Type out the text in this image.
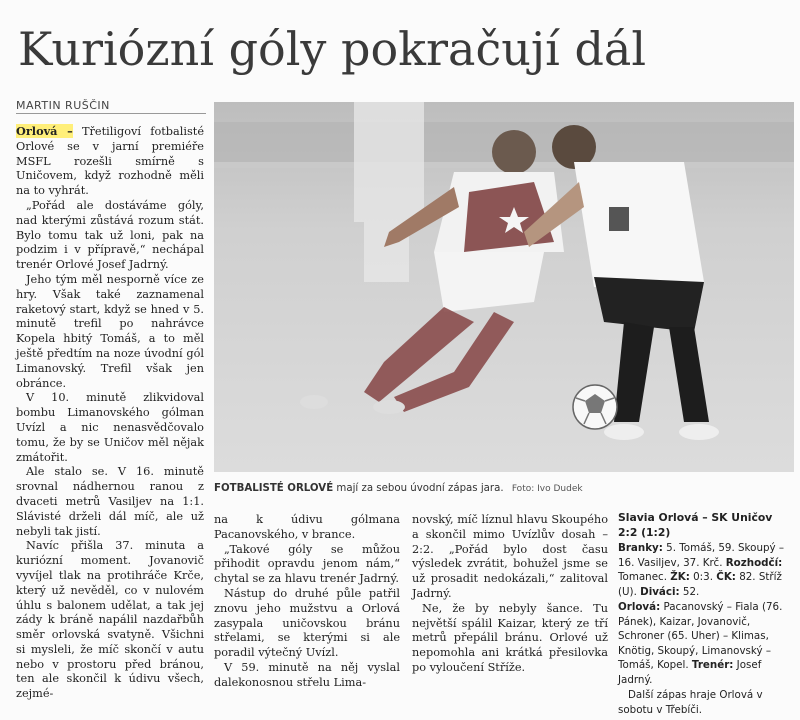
Kuriózní góly pokračují dál
MARTIN RUŠČIN

Orlová – Třetiligoví fotbalisté Orlové se v jarní premiéře MSFL rozešli smírně s Uničovem, když rozhodně měli na to vyhrát.

„Pořád ale dostáváme góly, nad kterými zůstává rozum stát. Bylo tomu tak už loni, pak na podzim i v přípravě,“ nechápal trenér Orlové Josef Jadrný.

Jeho tým měl nesporně více ze hry. Však také zaznamenal raketový start, když se hned v 5. minutě trefil po nahrávce Kopela hbitý Tomáš, a to měl ještě předtím na noze úvodní gól Limanovský. Trefil však jen obránce.

V 10. minutě zlikvidoval bombu Limanovského gólman Uvízl a nic nenasvědčovalo tomu, že by se Uničov měl nějak zmátořit.

Ale stalo se. V 16. minutě srovnal nádhernou ranou z dvaceti metrů Vasiljev na 1:1. Slávisté drželi dál míč, ale už nebyli tak jistí.

Navíc přišla 37. minuta a kuriózní moment. Jovanovič vyvíjel tlak na protihráče Krče, který už nevěděl, co v nulovém úhlu s balonem udělat, a tak jej zády k bráně napálil nazdařbůh směr orlovská svatyně. Všichni si mysleli, že míč skončí v autu nebo v prostoru před bránou, ten ale skončil k údivu všech, zejmé-

FOTBALISTÉ ORLOVÉ mají za sebou úvodní zápas jara. Foto: Ivo Dudek

na k údivu gólmana Pacanovského, v brance.

„Takové góly se můžou přihodit opravdu jenom nám,“ chytal se za hlavu trenér Jadrný.

Nástup do druhé půle patřil znovu jeho mužstvu a Orlová zasypala uničovskou bránu střelami, se kterými si ale poradil výtečný Uvízl.

V 59. minutě na něj vyslal dalekonosnou střelu Lima-

novský, míč líznul hlavu Skoupého a skončil mimo Uvízlův dosah – 2:2. „Pořád bylo dost času výsledek zvrátit, bohužel jsme se už prosadit nedokázali,“ zalitoval Jadrný.

Ne, že by nebyly šance. Tu největší spálil Kaizar, který ze tří metrů přepálil bránu. Orlové už nepomohla ani krátká přesilovka po vyloučení Stříže.

Slavia Orlová – SK Uničov 2:2 (1:2)

Branky: 5. Tomáš, 59. Skoupý – 16. Vasiljev, 37. Krč. Rozhodčí: Tomanec. ŽK: 0:3. ČK: 82. Stříž (U). Diváci: 52.

Orlová: Pacanovský – Fiala (76. Pánek), Kaizar, Jovanovič, Schroner (65. Uher) – Klimas, Knötig, Skoupý, Limanovský – Tomáš, Kopel. Trenér: Josef Jadrný.

Další zápas hraje Orlová v sobotu v Třebíči.
